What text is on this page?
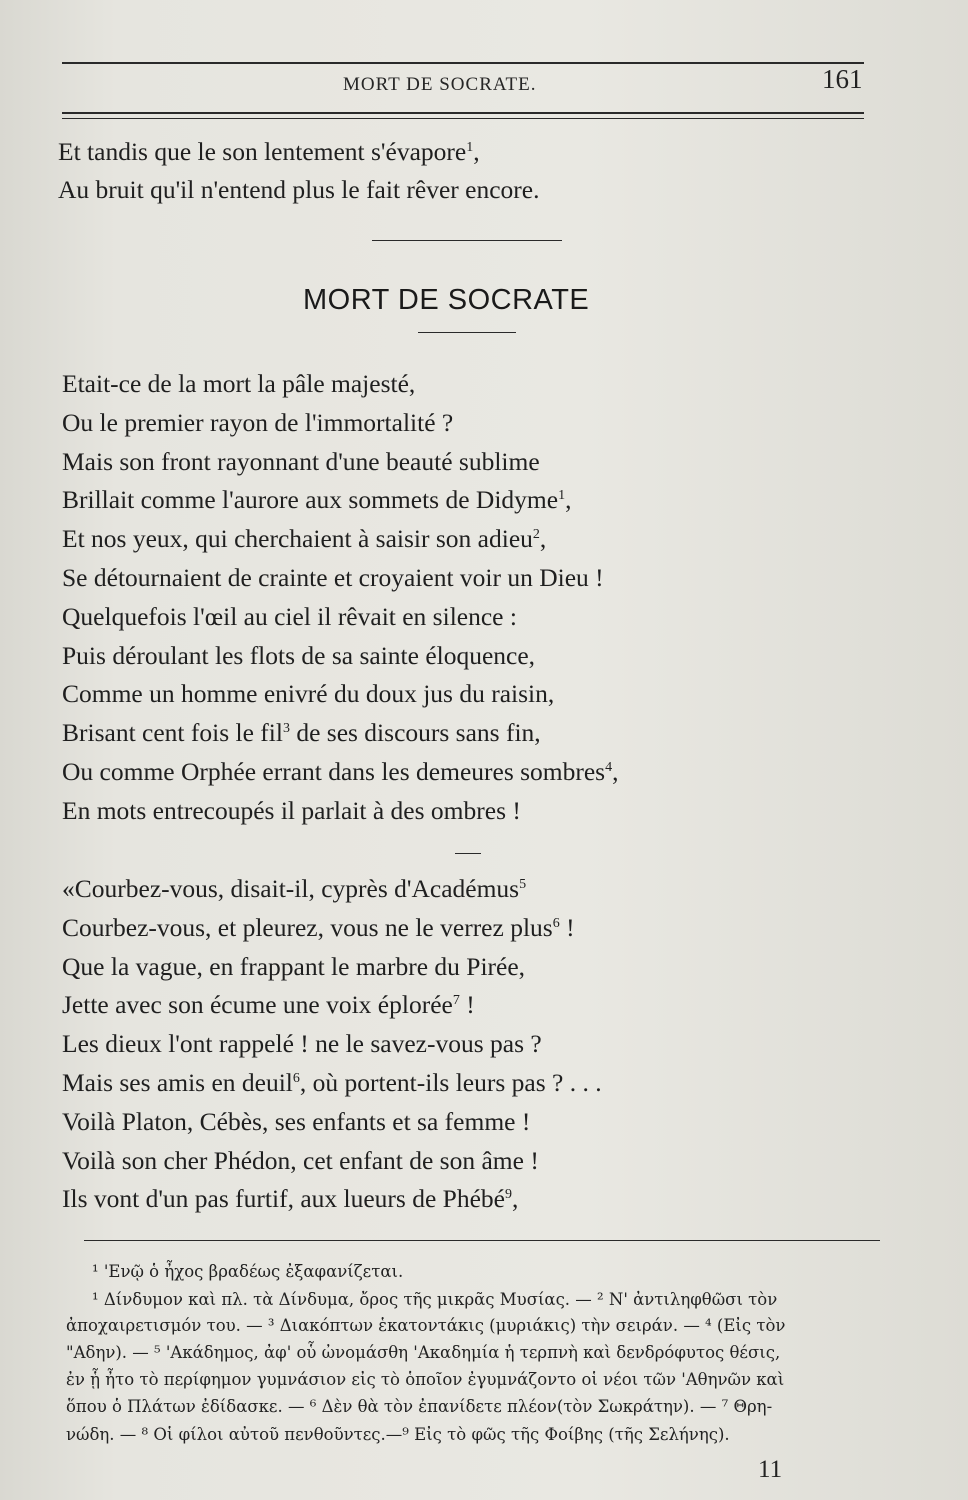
MORT DE SOCRATE.	161
Et tandis que le son lentement s'évapore$^1$,
Au bruit qu'il n'entend plus le fait rêver encore.
MORT DE SOCRATE
Etait-ce de la mort la pâle majesté,
Ou le premier rayon de l'immortalité ?
Mais son front rayonnant d'une beauté sublime
Brillait comme l'aurore aux sommets de Didyme$^1$,
Et nos yeux, qui cherchaient à saisir son adieu$^2$,
Se détournaient de crainte et croyaient voir un Dieu !
Quelquefois l'œil au ciel il rêvait en silence :
Puis déroulant les flots de sa sainte éloquence,
Comme un homme enivré du doux jus du raisin,
Brisant cent fois le fil$^3$ de ses discours sans fin,
Ou comme Orphée errant dans les demeures sombres$^4$,
En mots entrecoupés il parlait à des ombres !
«Courbez-vous, disait-il, cyprès d'Académus$^5$
Courbez-vous, et pleurez, vous ne le verrez plus$^6$ !
Que la vague, en frappant le marbre du Pirée,
Jette avec son écume une voix éplorée$^7$ !
Les dieux l'ont rappelé ! ne le savez-vous pas ?
Mais ses amis en deuil$^6$, où portent-ils leurs pas ? . . .
Voilà Platon, Cébès, ses enfants et sa femme !
Voilà son cher Phédon, cet enfant de son âme !
Ils vont d'un pas furtif, aux lueurs de Phébé$^9$,
¹ 'Ενῷ ὁ ἦχος βραδέως ἐξαφανίζεται.
¹ Δίνδυμον καὶ πλ. τὰ Δίνδυμα, ὄρος τῆς μικρᾶς Μυσίας. — ² Ν' ἀντιληφθῶσι τὸν
ἀποχαιρετισμόν του. — ³ Διακόπτων ἑκατοντάκις (μυριάκις) τὴν σειράν. — ⁴ (Εἰς τὸν
"Αδην). — ⁵ 'Ακάδημος, ἀφ' οὗ ὠνομάσθη 'Ακαδημία ἡ τερπνὴ καὶ δενδρόφυτος θέσις,
ἐν ᾗ ἦτο τὸ περίφημον γυμνάσιον εἰς τὸ ὁποῖον ἐγυμνάζοντο οἱ νέοι τῶν 'Αθηνῶν καὶ
ὅπου ὁ Πλάτων ἐδίδασκε. — ⁶ Δὲν θὰ τὸν ἐπανίδετε πλέον(τὸν Σωκράτην). — ⁷ Θρη-
νώδη. — ⁸ Οἱ φίλοι αὐτοῦ πενθοῦντες.—⁹ Εἰς τὸ φῶς τῆς Φοίβης (τῆς Σελήνης).
11
